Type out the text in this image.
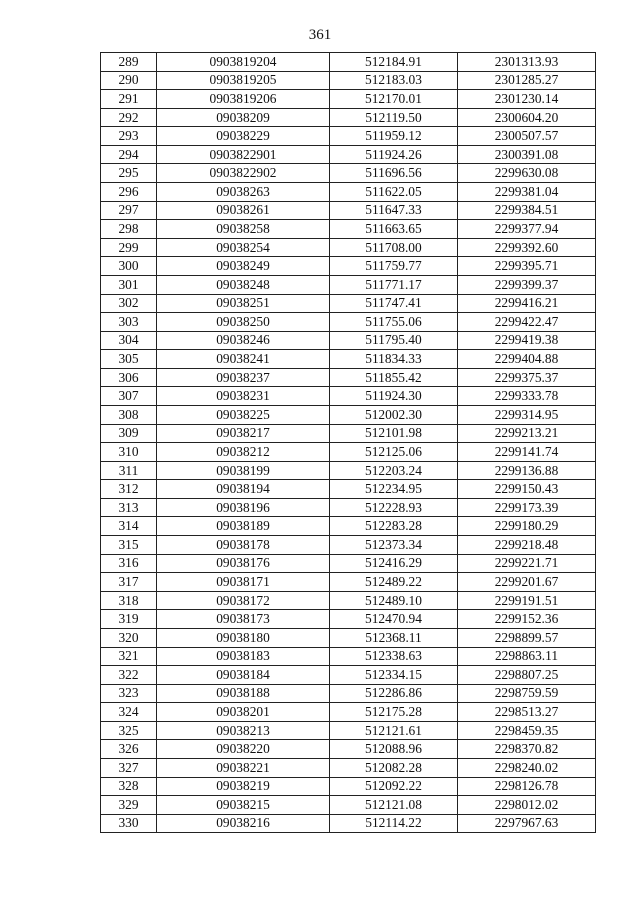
361
289	0903819204	512184.91	2301313.93
290	0903819205	512183.03	2301285.27
291	0903819206	512170.01	2301230.14
292	09038209	512119.50	2300604.20
293	09038229	511959.12	2300507.57
294	0903822901	511924.26	2300391.08
295	0903822902	511696.56	2299630.08
296	09038263	511622.05	2299381.04
297	09038261	511647.33	2299384.51
298	09038258	511663.65	2299377.94
299	09038254	511708.00	2299392.60
300	09038249	511759.77	2299395.71
301	09038248	511771.17	2299399.37
302	09038251	511747.41	2299416.21
303	09038250	511755.06	2299422.47
304	09038246	511795.40	2299419.38
305	09038241	511834.33	2299404.88
306	09038237	511855.42	2299375.37
307	09038231	511924.30	2299333.78
308	09038225	512002.30	2299314.95
309	09038217	512101.98	2299213.21
310	09038212	512125.06	2299141.74
311	09038199	512203.24	2299136.88
312	09038194	512234.95	2299150.43
313	09038196	512228.93	2299173.39
314	09038189	512283.28	2299180.29
315	09038178	512373.34	2299218.48
316	09038176	512416.29	2299221.71
317	09038171	512489.22	2299201.67
318	09038172	512489.10	2299191.51
319	09038173	512470.94	2299152.36
320	09038180	512368.11	2298899.57
321	09038183	512338.63	2298863.11
322	09038184	512334.15	2298807.25
323	09038188	512286.86	2298759.59
324	09038201	512175.28	2298513.27
325	09038213	512121.61	2298459.35
326	09038220	512088.96	2298370.82
327	09038221	512082.28	2298240.02
328	09038219	512092.22	2298126.78
329	09038215	512121.08	2298012.02
330	09038216	512114.22	2297967.63
